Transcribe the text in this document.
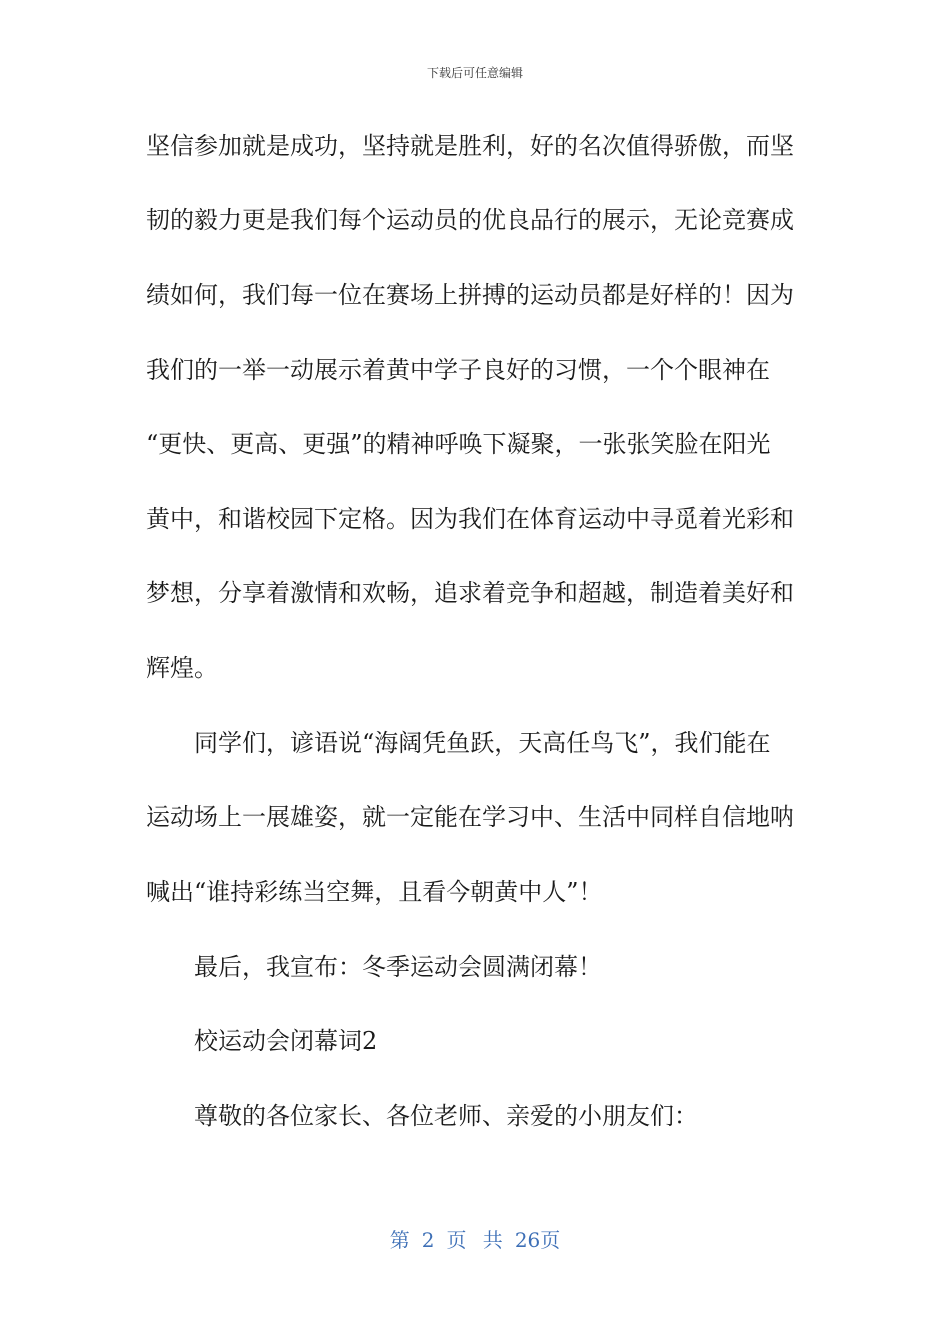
下载后可任意编辑
坚信参加就是成功，坚持就是胜利，好的名次值得骄傲，而坚
韧的毅力更是我们每个运动员的优良品行的展示，无论竞赛成
绩如何，我们每一位在赛场上拼搏的运动员都是好样的！因为
我们的一举一动展示着黄中学子良好的习惯，一个个眼神在
“更快、更高、更强”的精神呼唤下凝聚，一张张笑脸在阳光
黄中，和谐校园下定格。因为我们在体育运动中寻觅着光彩和
梦想，分享着激情和欢畅，追求着竞争和超越，制造着美好和
辉煌。
同学们，谚语说“海阔凭鱼跃，天高任鸟飞”，我们能在
运动场上一展雄姿，就一定能在学习中、生活中同样自信地呐
喊出“谁持彩练当空舞，且看今朝黄中人”！
最后，我宣布：冬季运动会圆满闭幕！
校运动会闭幕词2
尊敬的各位家长、各位老师、亲爱的小朋友们：
第 2 页 共 26页
